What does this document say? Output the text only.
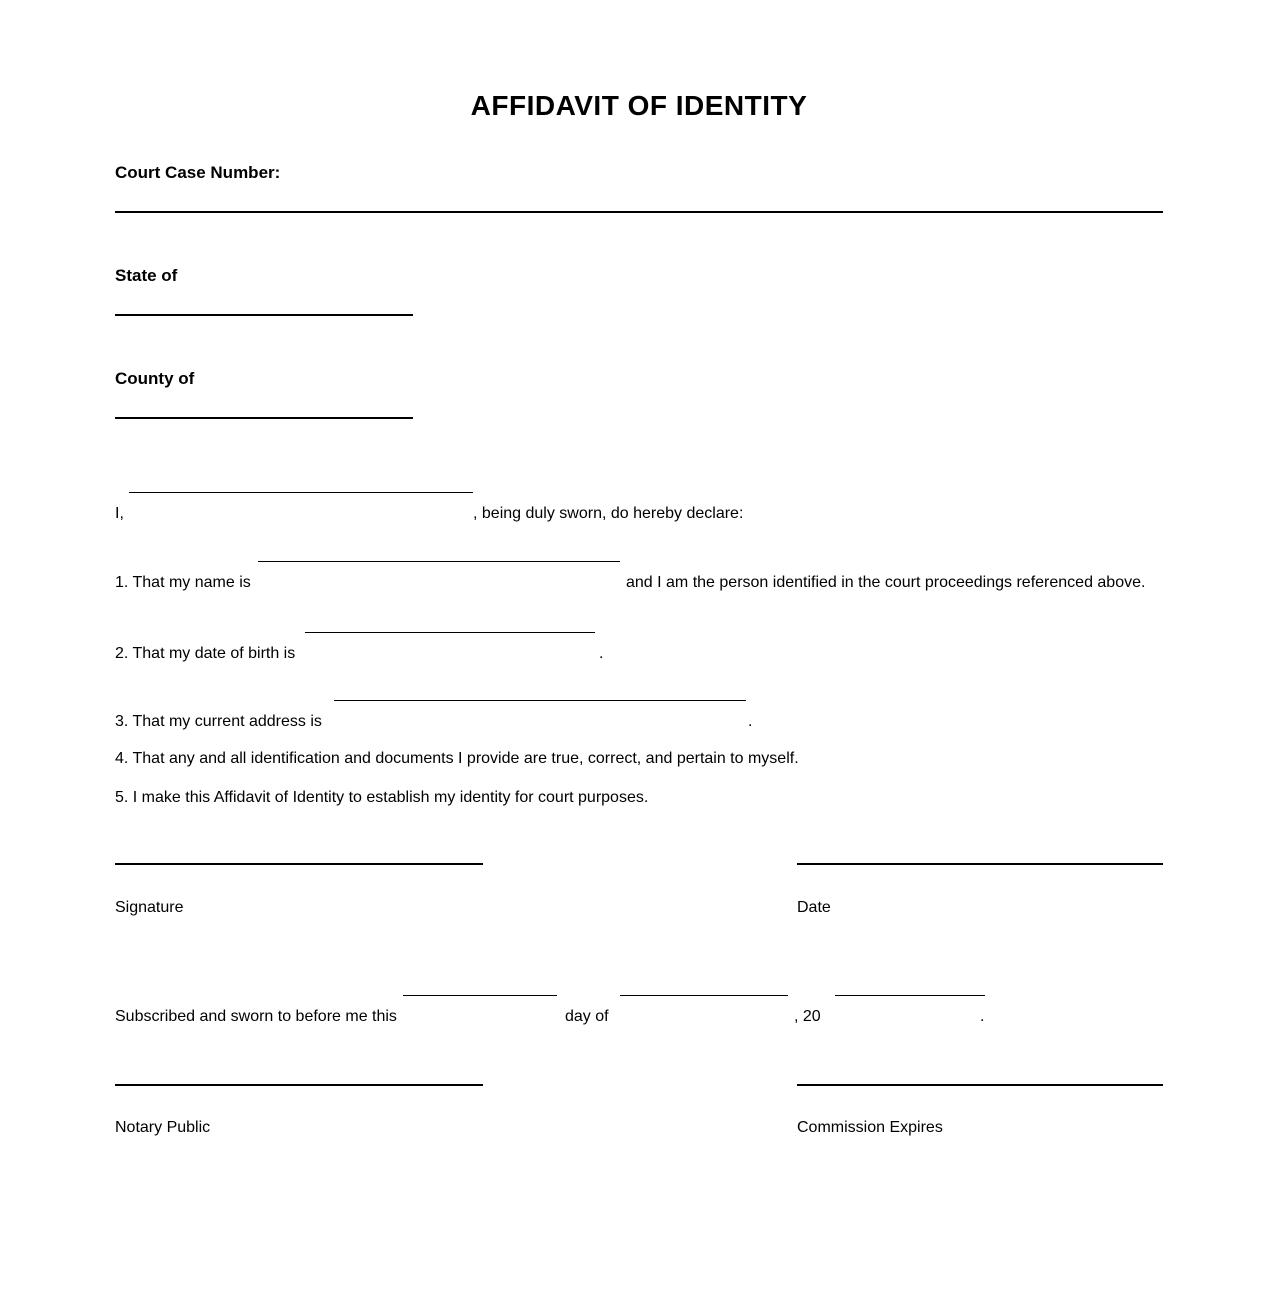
AFFIDAVIT OF IDENTITY
Court Case Number:
State of
County of
I,	, being duly sworn, do hereby declare:
1. That my name is	and I am the person identified in the court proceedings referenced above.
2. That my date of birth is	.
3. That my current address is	.
4. That any and all identification and documents I provide are true, correct, and pertain to myself.
5. I make this Affidavit of Identity to establish my identity for court purposes.
Signature	Date
Subscribed and sworn to before me this	day of	, 20	.
Notary Public	Commission Expires
